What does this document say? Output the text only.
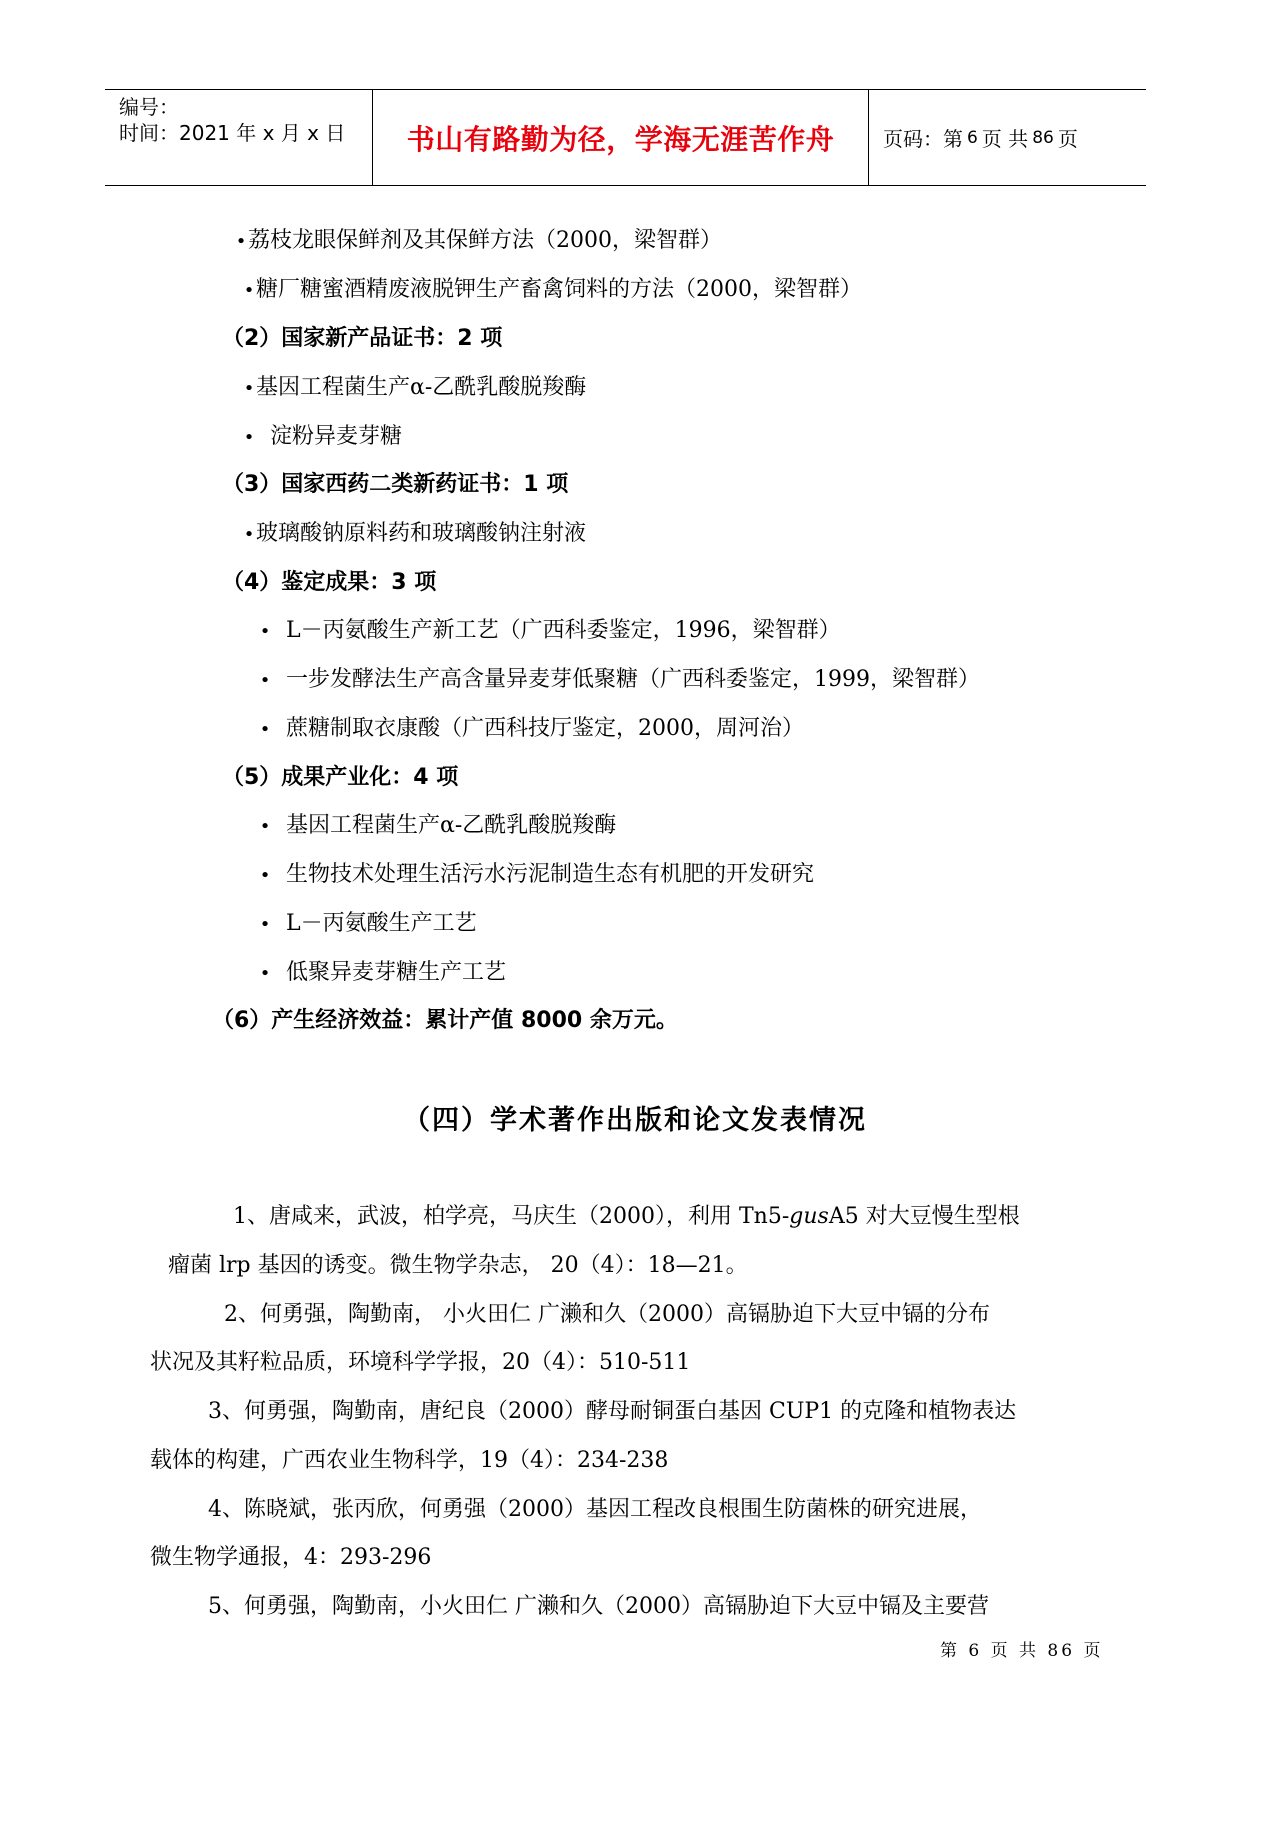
编号：
时间：2021 年 x 月 x 日	书山有路勤为径，学海无涯苦作舟	页码：第 6 页 共 86 页
•荔枝龙眼保鲜剂及其保鲜方法（2000，梁智群）
•糖厂糖蜜酒精废液脱钾生产畜禽饲料的方法（2000，梁智群）
（2）国家新产品证书：2 项
•基因工程菌生产α-乙酰乳酸脱羧酶
• 淀粉异麦芽糖
（3）国家西药二类新药证书：1 项
•玻璃酸钠原料药和玻璃酸钠注射液
（4）鉴定成果：3 项
• L－丙氨酸生产新工艺（广西科委鉴定，1996，梁智群）
• 一步发酵法生产高含量异麦芽低聚糖（广西科委鉴定，1999，梁智群）
• 蔗糖制取衣康酸（广西科技厅鉴定，2000，周河治）
（5）成果产业化：4 项
• 基因工程菌生产α-乙酰乳酸脱羧酶
• 生物技术处理生活污水污泥制造生态有机肥的开发研究
• L－丙氨酸生产工艺
• 低聚异麦芽糖生产工艺
（6）产生经济效益：累计产值 8000 余万元。
（四）学术著作出版和论文发表情况
1、唐咸来，武波，柏学亮，马庆生（2000），利用 Tn5-gusA5 对大豆慢生型根
瘤菌 lrp 基因的诱变。微生物学杂志， 20（4）：18—21。
2、何勇强，陶勤南， 小火田仁 广濑和久（2000）高镉胁迫下大豆中镉的分布
状况及其籽粒品质，环境科学学报，20（4）：510-511
3、何勇强，陶勤南，唐纪良（2000）酵母耐铜蛋白基因 CUP1 的克隆和植物表达
载体的构建，广西农业生物科学，19（4）：234-238
4、陈晓斌，张丙欣，何勇强（2000）基因工程改良根围生防菌株的研究进展，
微生物学通报，4：293-296
5、何勇强，陶勤南，小火田仁 广濑和久（2000）高镉胁迫下大豆中镉及主要营
第 6 页 共 86 页
